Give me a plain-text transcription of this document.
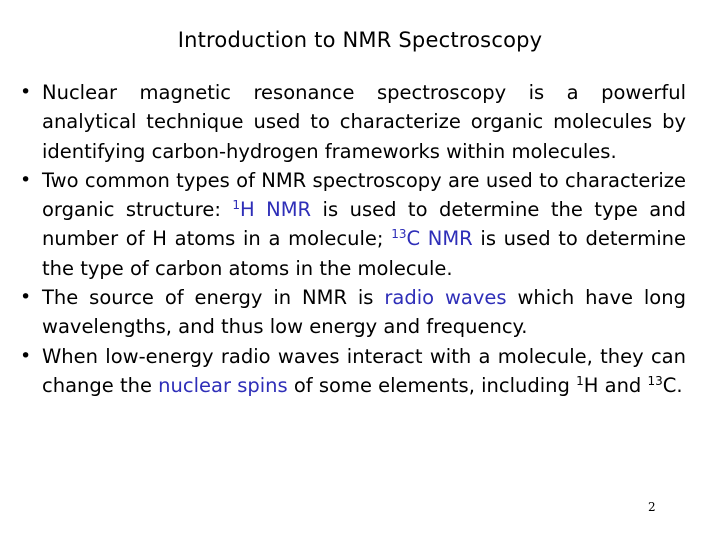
Introduction to NMR Spectroscopy
• Nuclear magnetic resonance spectroscopy is a powerful analytical technique used to characterize organic molecules by identifying carbon-hydrogen frameworks within molecules.
• Two common types of NMR spectroscopy are used to characterize organic structure: $^1$H NMR is used to determine the type and number of H atoms in a molecule; $^{13}$C NMR is used to determine the type of carbon atoms in the molecule.
• The source of energy in NMR is radio waves which have long wavelengths, and thus low energy and frequency.
• When low-energy radio waves interact with a molecule, they can change the nuclear spins of some elements, including $^1$H and $^{13}$C.
2
